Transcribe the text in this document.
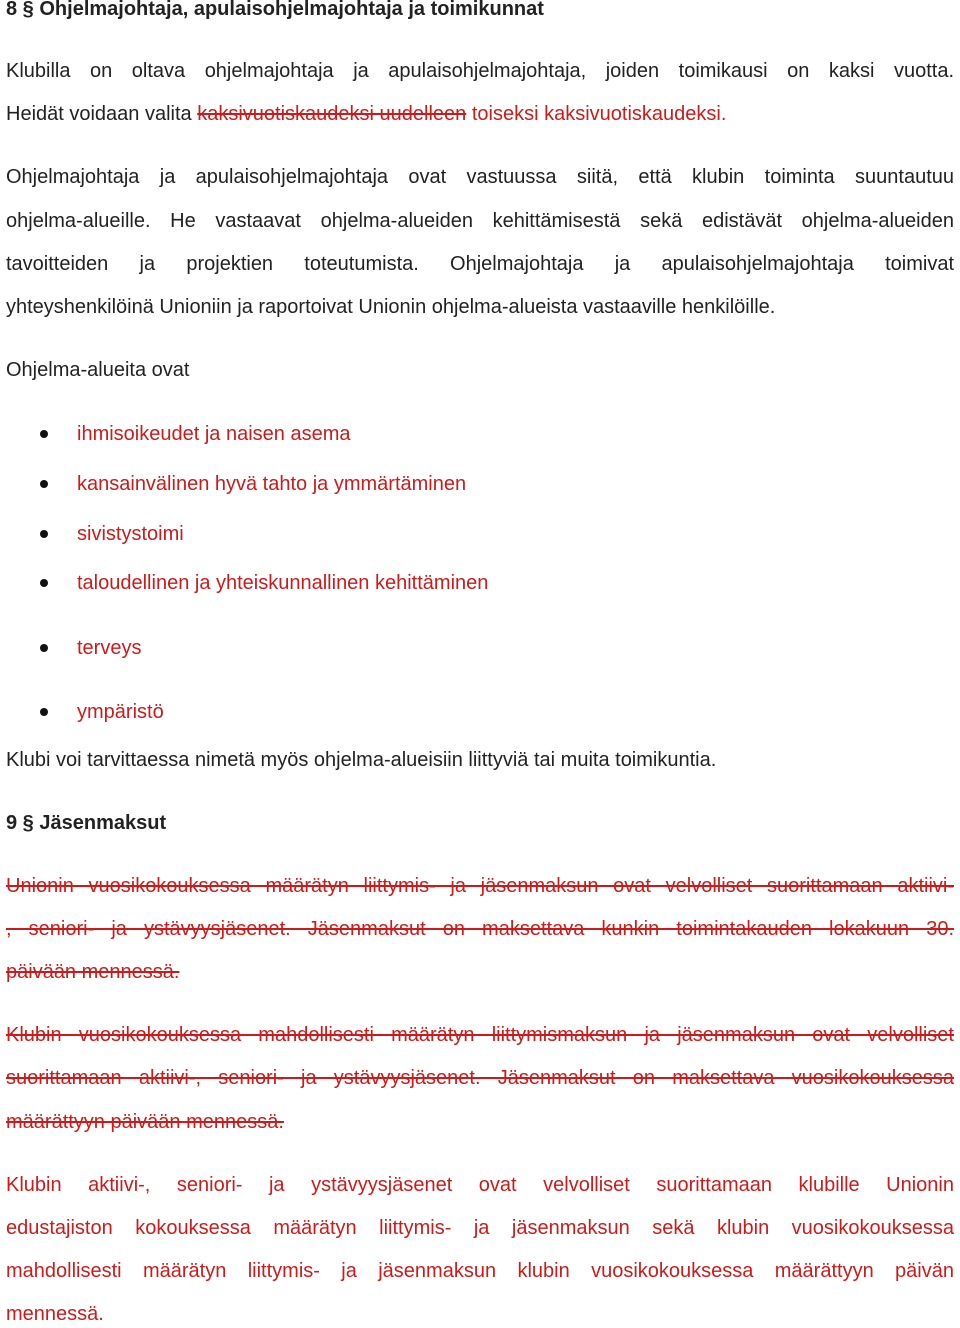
8 § Ohjelmajohtaja, apulaisohjelmajohtaja ja toimikunnat
Klubilla on oltava ohjelmajohtaja ja apulaisohjelmajohtaja, joiden toimikausi on kaksi vuotta.
Heidät voidaan valita kaksivuotiskaudeksi uudelleen toiseksi kaksivuotiskaudeksi.
Ohjelmajohtaja ja apulaisohjelmajohtaja ovat vastuussa siitä, että klubin toiminta suuntautuu
ohjelma-alueille. He vastaavat ohjelma-alueiden kehittämisestä sekä edistävät ohjelma-alueiden
tavoitteiden ja projektien toteutumista. Ohjelmajohtaja ja apulaisohjelmajohtaja toimivat
yhteyshenkilöinä Unioniin ja raportoivat Unionin ohjelma-alueista vastaaville henkilöille.
Ohjelma-alueita ovat
ihmisoikeudet ja naisen asema
kansainvälinen hyvä tahto ja ymmärtäminen
sivistystoimi
taloudellinen ja yhteiskunnallinen kehittäminen
terveys
ympäristö
Klubi voi tarvittaessa nimetä myös ohjelma-alueisiin liittyviä tai muita toimikuntia.
9 § Jäsenmaksut
Unionin vuosikokouksessa määrätyn liittymis- ja jäsenmaksun ovat velvolliset suorittamaan aktiivi-
, seniori- ja ystävyysjäsenet. Jäsenmaksut on maksettava kunkin toimintakauden lokakuun 30.
päivään mennessä.
Klubin vuosikokouksessa mahdollisesti määrätyn liittymismaksun ja jäsenmaksun ovat velvolliset
suorittamaan aktiivi-, seniori- ja ystävyysjäsenet. Jäsenmaksut on maksettava vuosikokouksessa
määrättyyn päivään mennessä.
Klubin aktiivi-, seniori- ja ystävyysjäsenet ovat velvolliset suorittamaan klubille Unionin
edustajiston kokouksessa määrätyn liittymis- ja jäsenmaksun sekä klubin vuosikokouksessa
mahdollisesti määrätyn liittymis- ja jäsenmaksun klubin vuosikokouksessa määrättyyn päivän
mennessä.
